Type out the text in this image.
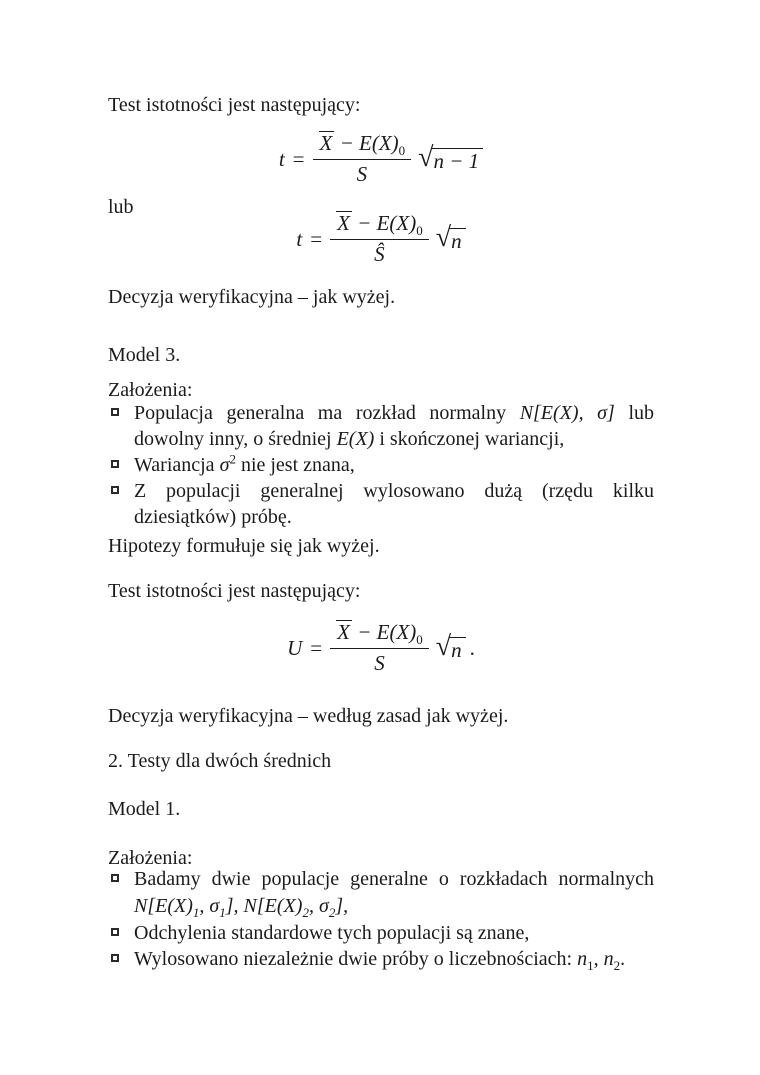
Test istotności jest następujący:

$t = \frac{X - E(X)_0}{S}$ √ n − 1

lub

$t = \frac{X - E(X)_0}{Ŝ}$ √ n

Decyzja weryfikacyjna – jak wyżej.

Model 3.

Założenia:

Populacja generalna ma rozkład normalny N[E(X), σ] lub
dowolny inny, o średniej E(X) i skończonej wariancji,
Wariancja $\sigma^2$ nie jest znana,
Z populacji generalnej wylosowano dużą (rzędu kilku
dziesiątków) próbę.

Hipotezy formułuje się jak wyżej.

Test istotności jest następujący:

$U = \frac{X - E(X)_0}{S}$ √ n .

Decyzja weryfikacyjna – według zasad jak wyżej.

2. Testy dla dwóch średnich

Model 1.

Założenia:

Badamy dwie populacje generalne o rozkładach normalnych
$N[E(X)_1$, $\sigma_1$], $N[E(X)_2$, $\sigma_2$],
Odchylenia standardowe tych populacji są znane,
Wylosowano niezależnie dwie próby o liczebnościach: $n_1$, $n_2$.
